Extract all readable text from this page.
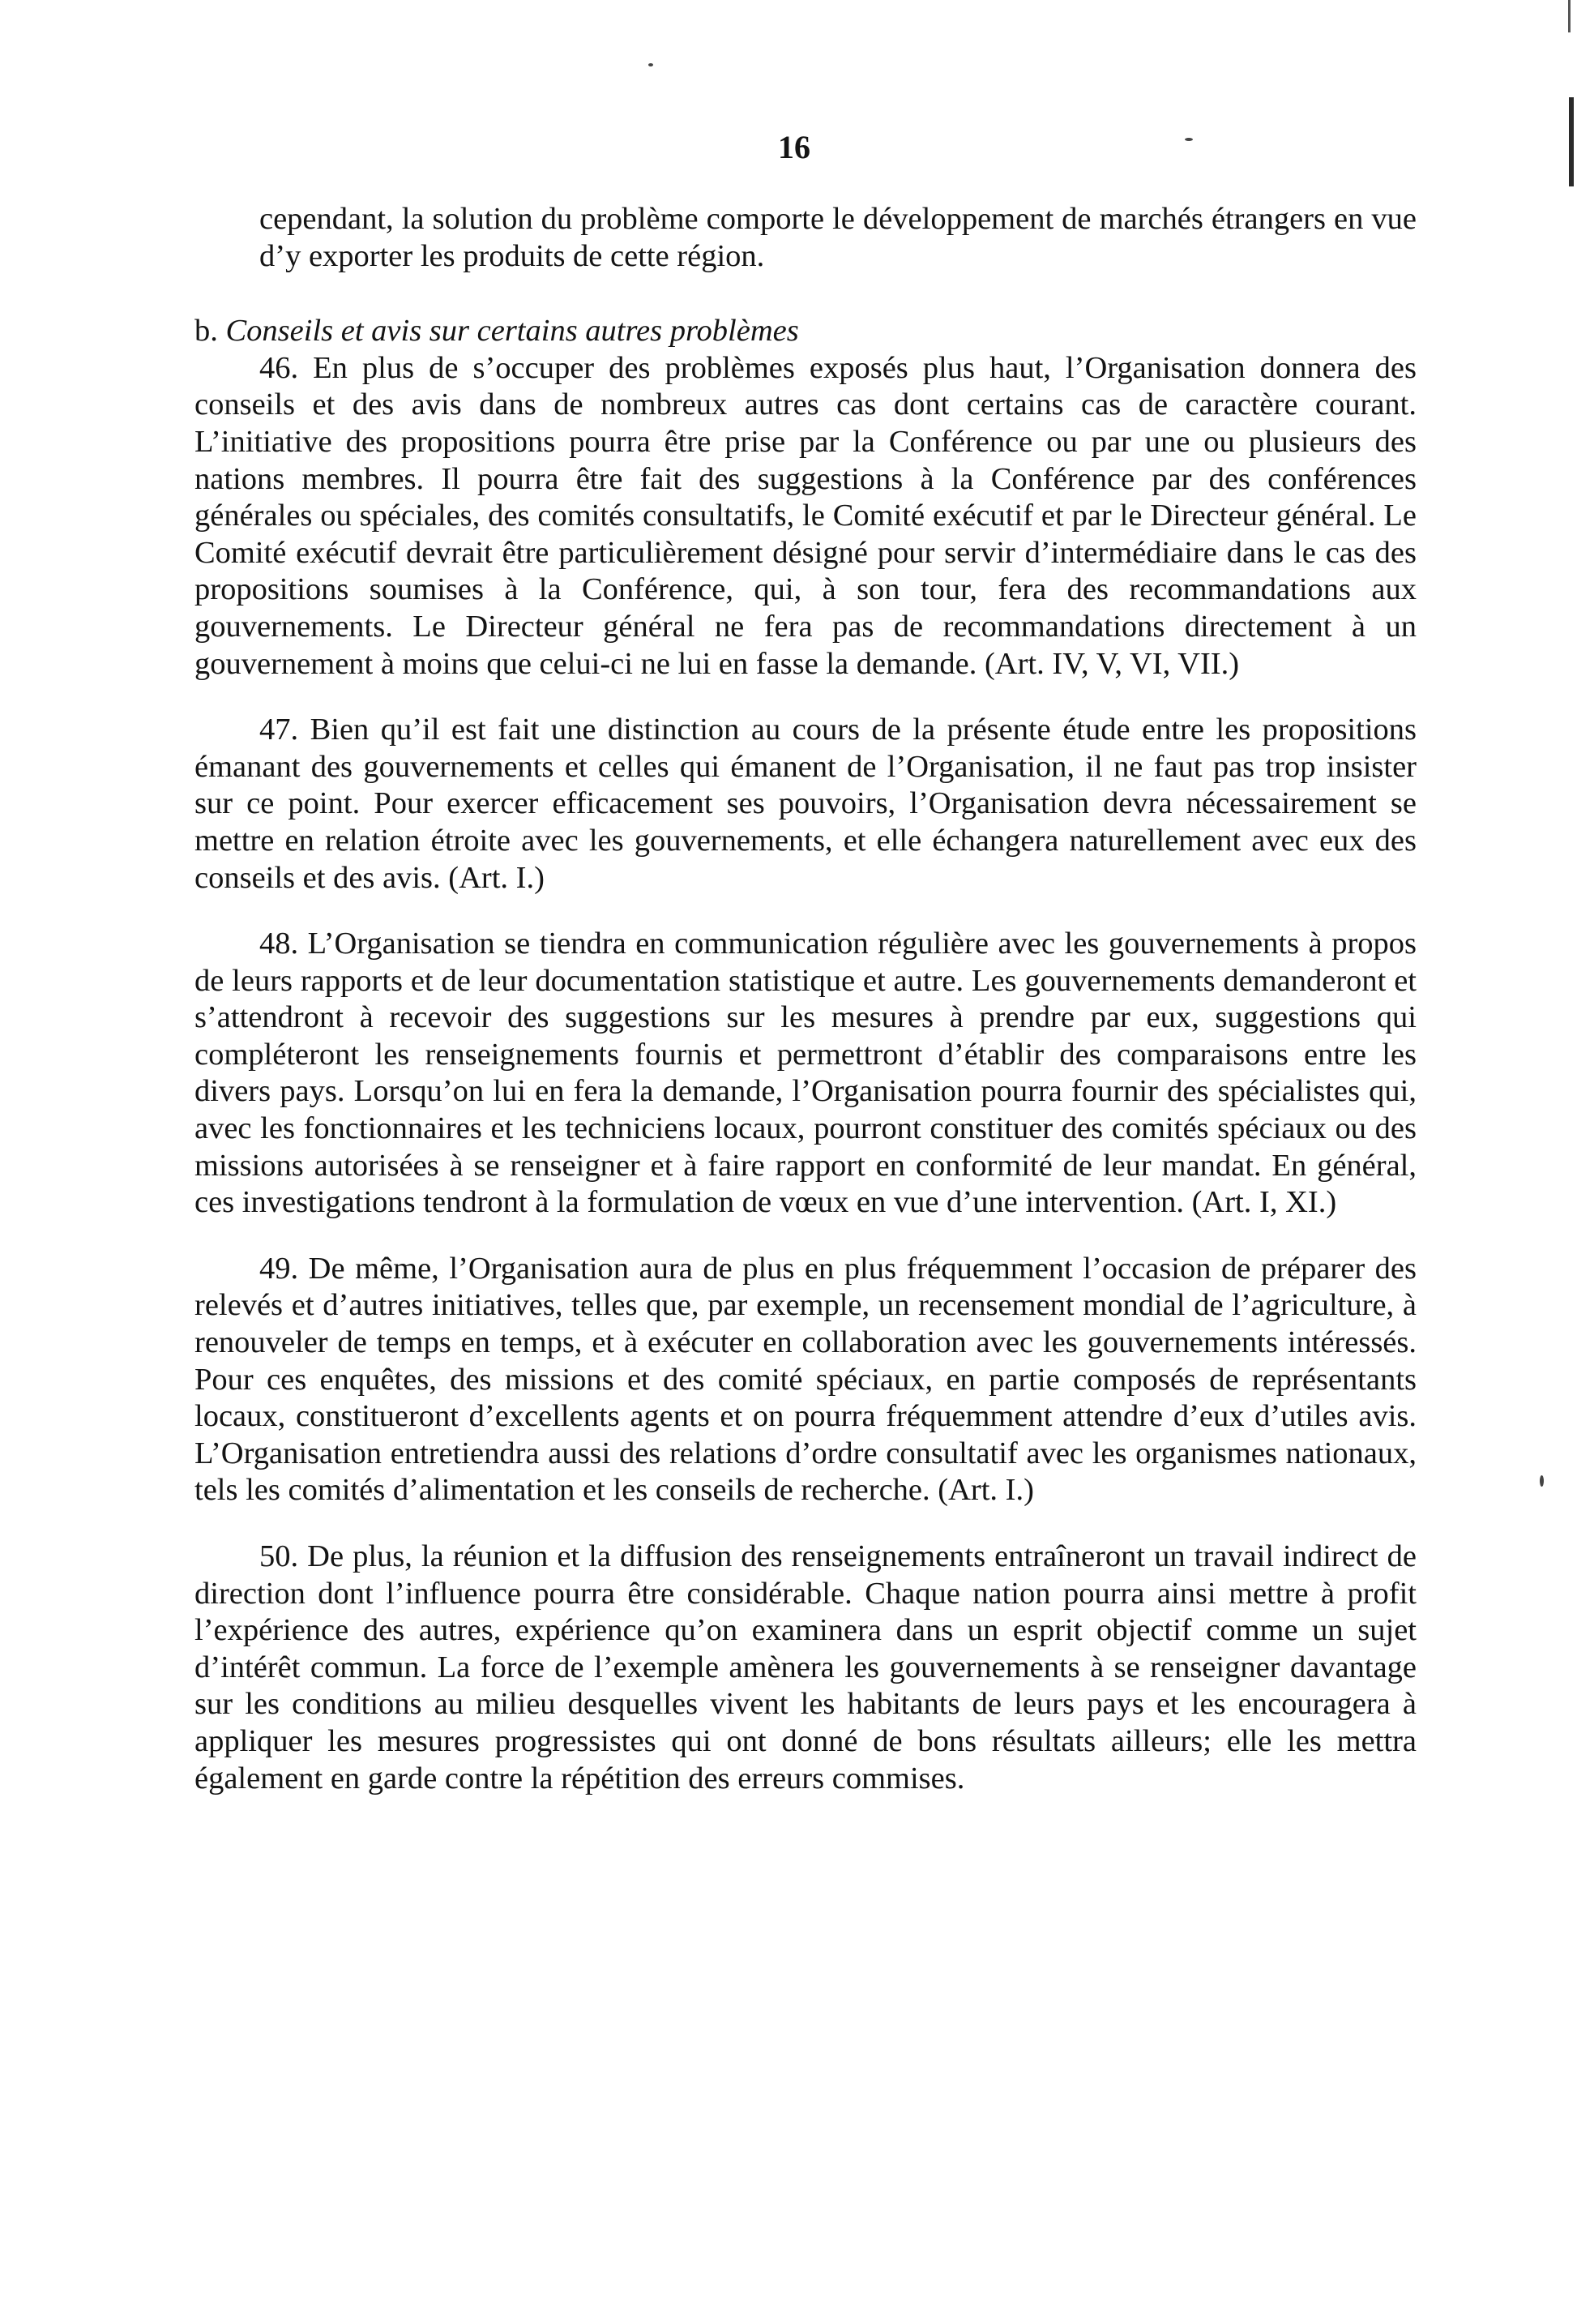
16

cependant, la solution du problème comporte le développement de marchés étrangers en vue d’y exporter les produits de cette région.

b. Conseils et avis sur certains autres problèmes

46. En plus de s’occuper des problèmes exposés plus haut, l’Organisation donnera des conseils et des avis dans de nombreux autres cas dont certains cas de caractère courant. L’initiative des propositions pourra être prise par la Conférence ou par une ou plusieurs des nations membres. Il pourra être fait des suggestions à la Conférence par des conférences générales ou spéciales, des comités consultatifs, le Comité exécutif et par le Directeur général. Le Comité exécutif devrait être particulièrement désigné pour servir d’intermédiaire dans le cas des propositions soumises à la Conférence, qui, à son tour, fera des recommandations aux gouvernements. Le Directeur général ne fera pas de recommandations directement à un gouvernement à moins que celui-ci ne lui en fasse la demande. (Art. IV, V, VI, VII.)

47. Bien qu’il est fait une distinction au cours de la présente étude entre les propositions émanant des gouvernements et celles qui émanent de l’Organisation, il ne faut pas trop insister sur ce point. Pour exercer efficacement ses pouvoirs, l’Organisation devra nécessairement se mettre en relation étroite avec les gouvernements, et elle échangera naturellement avec eux des conseils et des avis. (Art. I.)

48. L’Organisation se tiendra en communication régulière avec les gouvernements à propos de leurs rapports et de leur documentation statistique et autre. Les gouvernements demanderont et s’attendront à recevoir des suggestions sur les mesures à prendre par eux, suggestions qui compléteront les renseignements fournis et permettront d’établir des comparaisons entre les divers pays. Lorsqu’on lui en fera la demande, l’Organisation pourra fournir des spécialistes qui, avec les fonctionnaires et les techniciens locaux, pourront constituer des comités spéciaux ou des missions autorisées à se renseigner et à faire rapport en conformité de leur mandat. En général, ces investigations tendront à la formulation de vœux en vue d’une intervention. (Art. I, XI.)

49. De même, l’Organisation aura de plus en plus fréquemment l’occasion de préparer des relevés et d’autres initiatives, telles que, par exemple, un recensement mondial de l’agriculture, à renouveler de temps en temps, et à exécuter en collaboration avec les gouvernements intéressés. Pour ces enquêtes, des missions et des comité spéciaux, en partie composés de représentants locaux, constitueront d’excellents agents et on pourra fréquemment attendre d’eux d’utiles avis. L’Organisation entretiendra aussi des relations d’ordre consultatif avec les organismes nationaux, tels les comités d’alimentation et les conseils de recherche. (Art. I.)

50. De plus, la réunion et la diffusion des renseignements entraîneront un travail indirect de direction dont l’influence pourra être considérable. Chaque nation pourra ainsi mettre à profit l’expérience des autres, expérience qu’on examinera dans un esprit objectif comme un sujet d’intérêt commun. La force de l’exemple amènera les gouvernements à se renseigner davantage sur les conditions au milieu desquelles vivent les habitants de leurs pays et les encouragera à appliquer les mesures progressistes qui ont donné de bons résultats ailleurs; elle les mettra également en garde contre la répétition des erreurs commises.
